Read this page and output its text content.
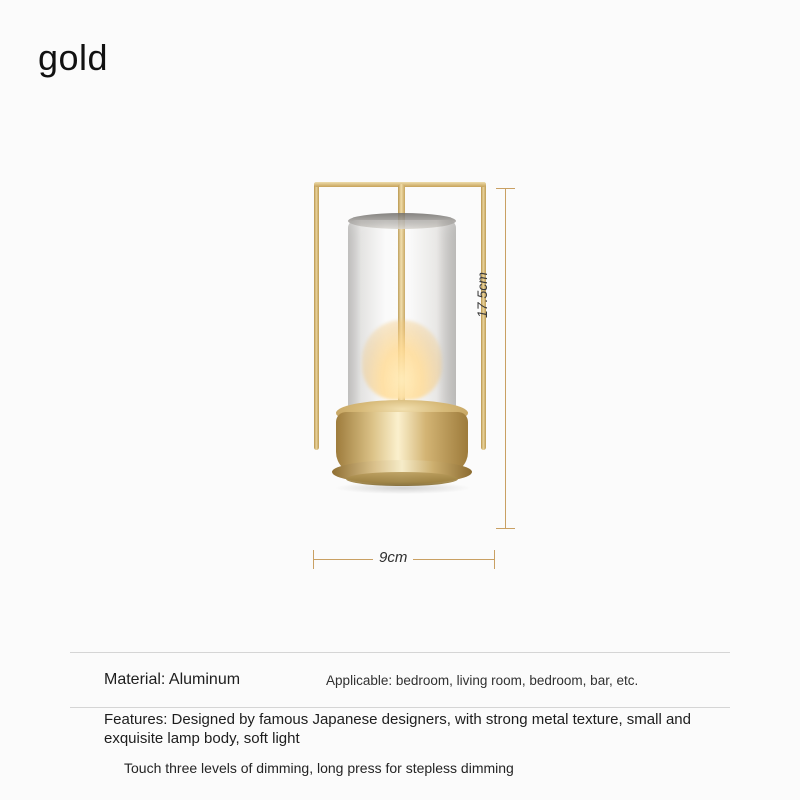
gold
17.5cm
9cm
Material: Aluminum	Applicable: bedroom, living room, bedroom, bar, etc.
Features: Designed by famous Japanese designers, with strong metal texture, small and exquisite lamp body, soft light
Touch three levels of dimming, long press for stepless dimming
